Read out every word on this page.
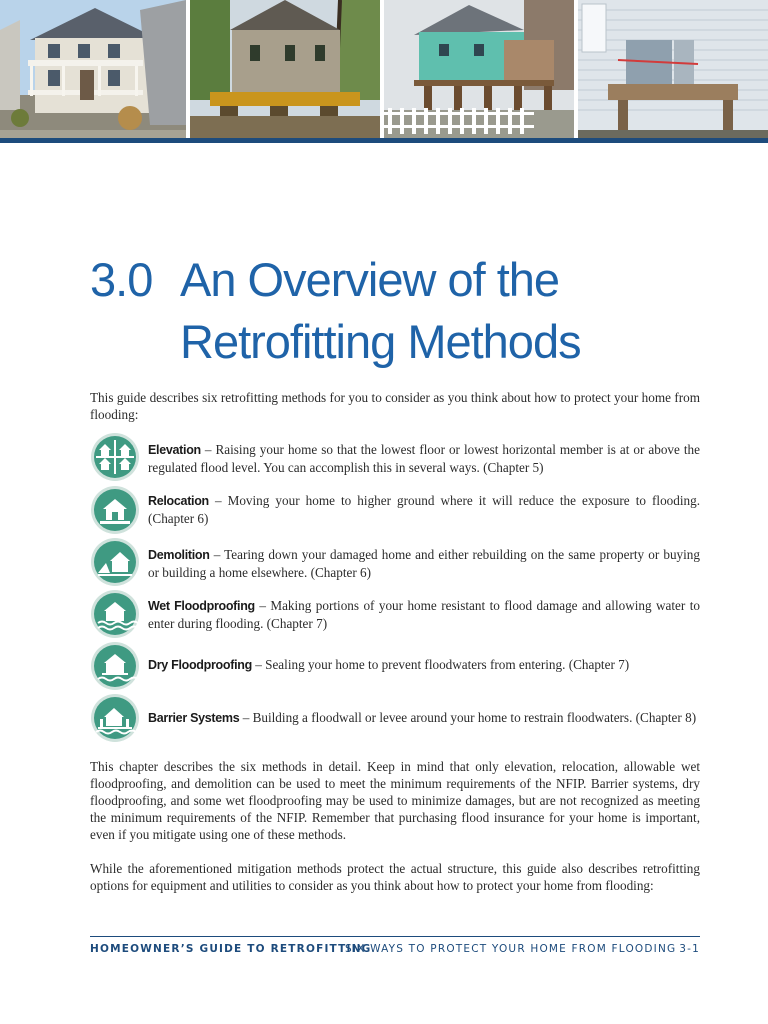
3.0 An Overview of the
Retrofitting Methods

This guide describes six retrofitting methods for you to consider as you think about how to protect your home from flooding:

Elevation – Raising your home so that the lowest floor or lowest horizontal member is at or above the regulated flood level. You can accomplish this in several ways. (Chapter 5)

Relocation – Moving your home to higher ground where it will reduce the exposure to flooding. (Chapter 6)

Demolition – Tearing down your damaged home and either rebuilding on the same property or buying or building a home elsewhere. (Chapter 6)

Wet Floodproofing – Making portions of your home resistant to flood damage and allowing water to enter during flooding. (Chapter 7)

Dry Floodproofing – Sealing your home to prevent floodwaters from entering. (Chapter 7)

Barrier Systems – Building a floodwall or levee around your home to restrain floodwaters. (Chapter 8)

This chapter describes the six methods in detail. Keep in mind that only elevation, relocation, allowable wet floodproofing, and demolition can be used to meet the minimum requirements of the NFIP. Barrier systems, dry floodproofing, and some wet floodproofing may be used to minimize damages, but are not recognized as meeting the minimum requirements of the NFIP. Remember that purchasing flood insurance for your home is important, even if you mitigate using one of these methods.

While the aforementioned mitigation methods protect the actual structure, this guide also describes retrofitting options for equipment and utilities to consider as you think about how to protect your home from flooding:

HOMEOWNER’S GUIDE TO RETROFITTING
SIX WAYS TO PROTECT YOUR HOME FROM FLOODING 3-1
